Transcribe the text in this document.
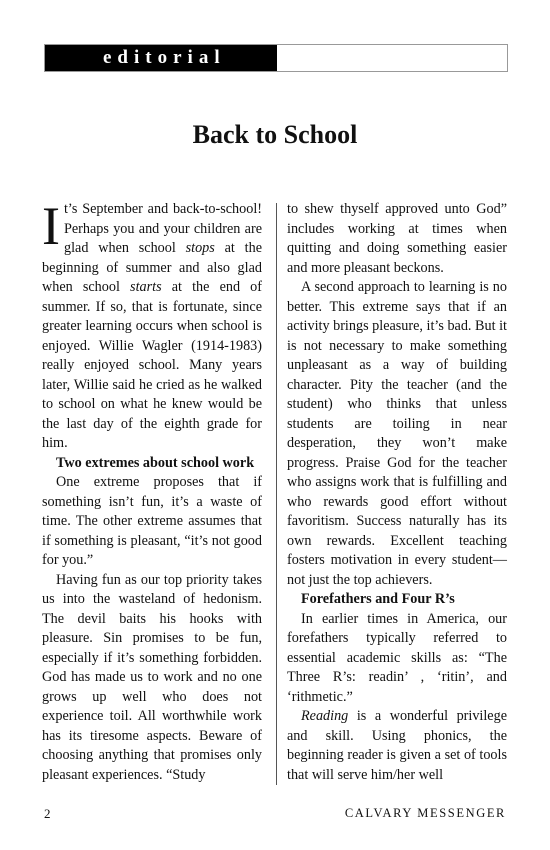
editorial
Back to School

It’s September and back-to-school! Perhaps you and your children are glad when school stops at the beginning of summer and also glad when school starts at the end of summer. If so, that is fortunate, since greater learning occurs when school is enjoyed. Willie Wagler (1914-1983) really enjoyed school. Many years later, Willie said he cried as he walked to school on what he knew would be the last day of the eighth grade for him.

Two extremes about school work

One extreme proposes that if something isn’t fun, it’s a waste of time. The other extreme assumes that if something is pleasant, “it’s not good for you.”

Having fun as our top priority takes us into the wasteland of hedonism. The devil baits his hooks with pleasure. Sin promises to be fun, especially if it’s something forbidden. God has made us to work and no one grows up well who does not experience toil. All worthwhile work has its tiresome aspects. Beware of choosing anything that promises only pleasant experiences. “Study

to shew thyself approved unto God” includes working at times when quitting and doing something easier and more pleasant beckons.

A second approach to learning is no better. This extreme says that if an activity brings pleasure, it’s bad. But it is not necessary to make something unpleasant as a way of building character. Pity the teacher (and the student) who thinks that unless students are toiling in near desperation, they won’t make progress. Praise God for the teacher who assigns work that is fulfilling and who rewards good effort without favoritism. Success naturally has its own rewards. Excellent teaching fosters motivation in every student—not just the top achievers.

Forefathers and Four R’s

In earlier times in America, our forefathers typically referred to essential academic skills as: “The Three R’s: readin’ , ‘ritin’, and ‘rithmetic.”

Reading is a wonderful privilege and skill. Using phonics, the beginning reader is given a set of tools that will serve him/her well

2	CALVARY MESSENGER
